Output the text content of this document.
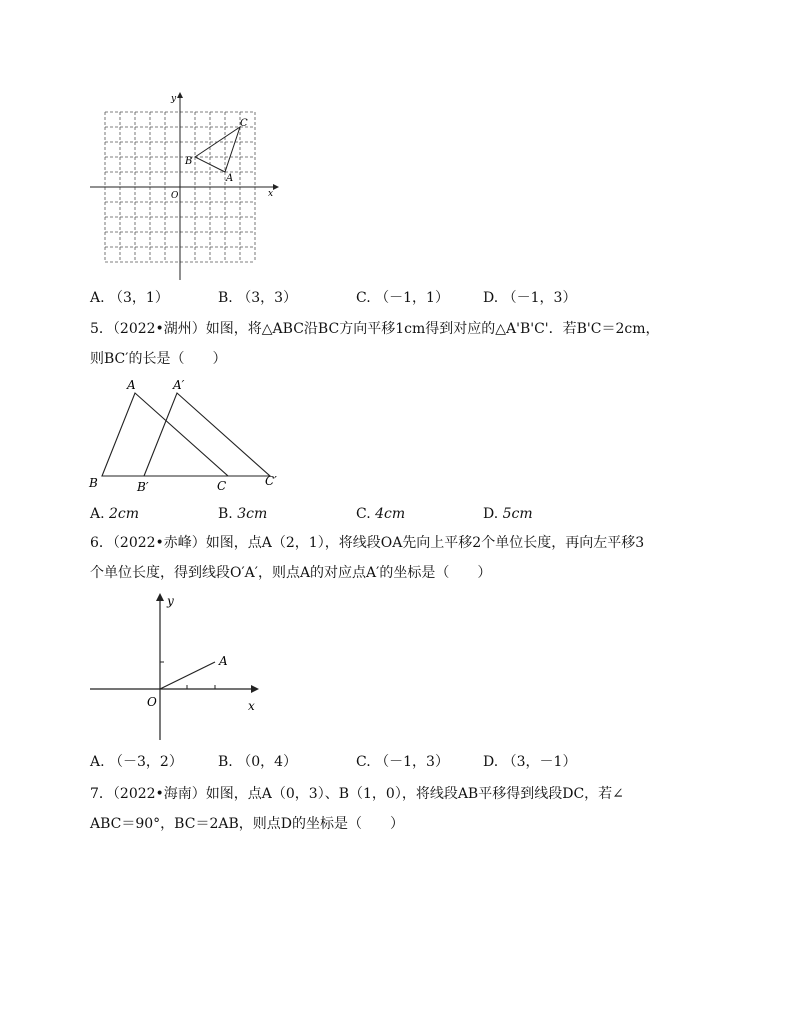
y
x
O
B
C
A
A. （3，1）	B. （3，3）	C. （－1，1） D. （－1，3）
5．（2022•湖州）如图，将△ABC沿BC方向平移1cm得到对应的△A'B'C'．若B'C＝2cm，
则BC′的长是（　　）
A	A′
B	B′	C	C′
A. 2cm	B. 3cm	C. 4cm	D. 5cm
6．（2022•赤峰）如图，点A（2，1），将线段OA先向上平移2个单位长度，再向左平移3
个单位长度，得到线段O′A′，则点A的对应点A′的坐标是（　　）
y
x
O
A
A. （－3，2）	B. （0，4）	C. （－1，3） D. （3，－1）
7．（2022•海南）如图，点A（0，3）、B（1，0），将线段AB平移得到线段DC，若∠
ABC＝90°，BC＝2AB，则点D的坐标是（　　）
